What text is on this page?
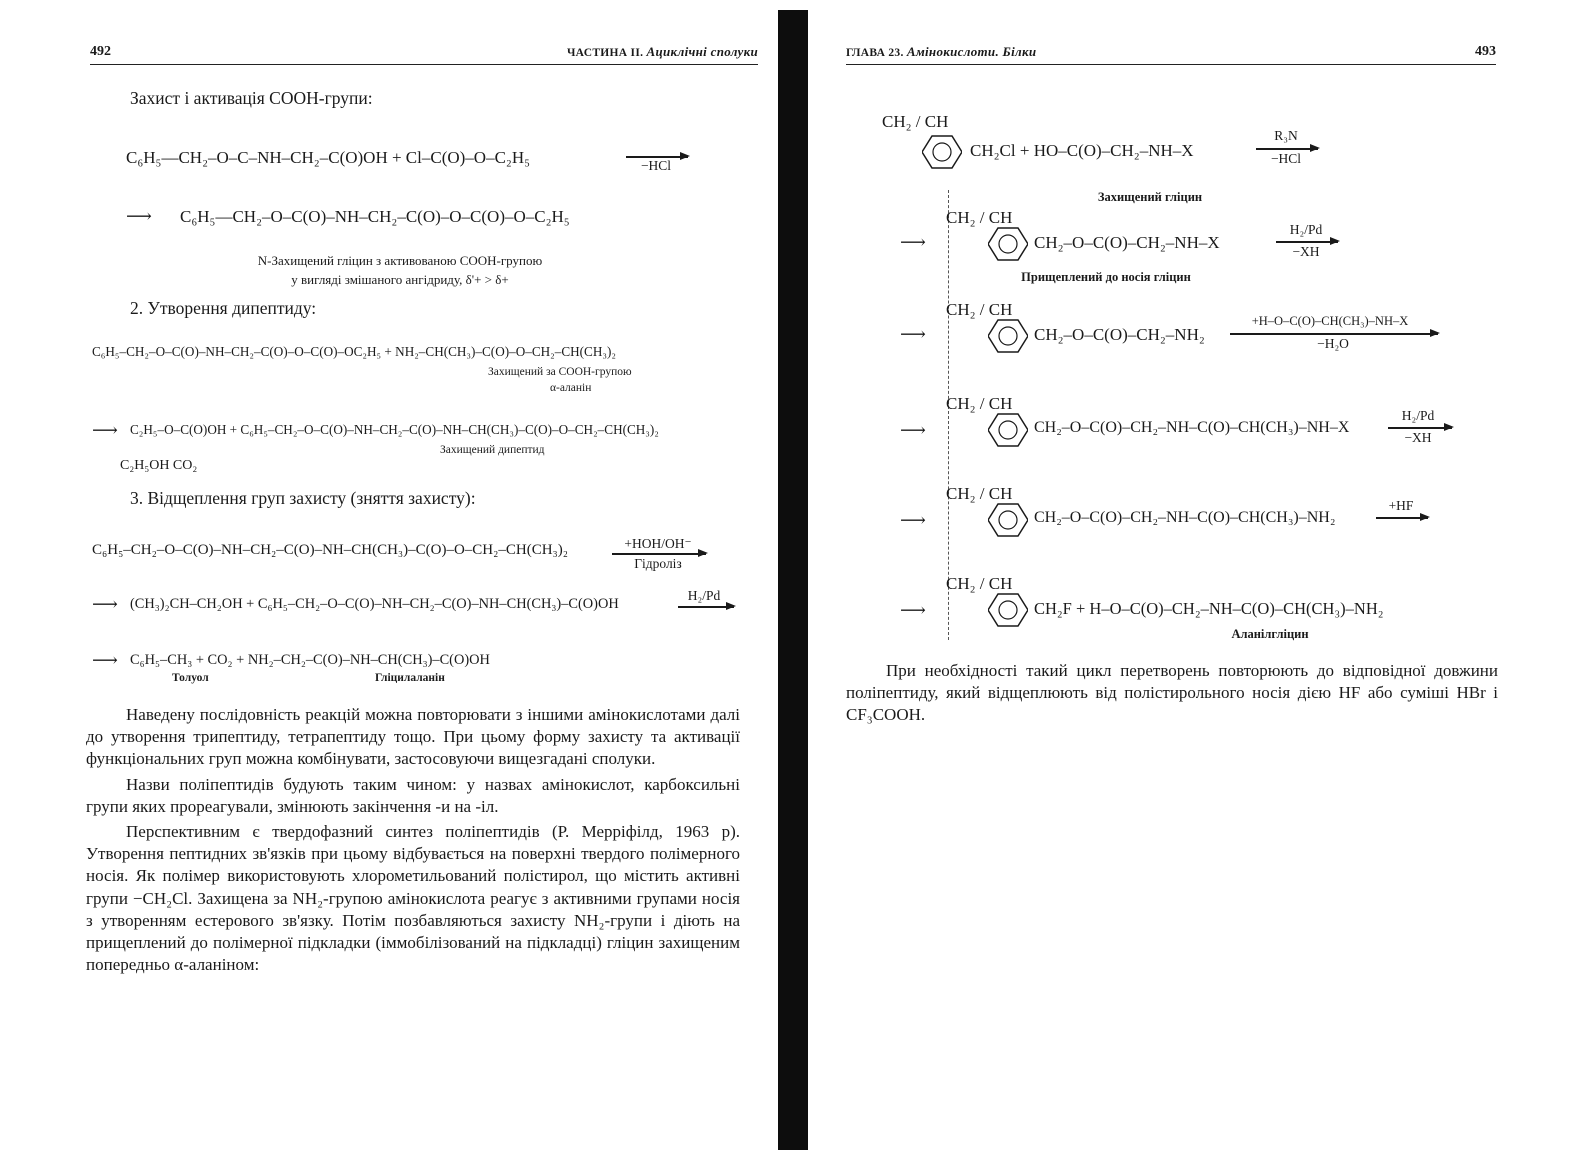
492	ЧАСТИНА II. Ациклічні сполуки
Захист і активація COOH-групи:
C₆H₅—CH₂–O–C–NH–CH₂–C(O)OH + Cl–C(O)–O–C₂H₅	−HCl
⟶ C₆H₅—CH₂–O–C(O)–NH–CH₂–C(O)–O–C(O)–O–C₂H₅
N-Захищений гліцин з активованою COOH-групою
у вигляді змішаного ангідриду, δ'+ > δ+
2. Утворення дипептиду:
C₆H₅–CH₂–O–C(O)–NH–CH₂–C(O)–O–C(O)–OC₂H₅ + NH₂–CH(CH₃)–C(O)–O–CH₂–CH(CH₃)₂
Захищений за COOH-групою
α-аланін
⟶ C₂H₅–O–C(O)OH + C₆H₅–CH₂–O–C(O)–NH–CH₂–C(O)–NH–CH(CH₃)–C(O)–O–CH₂–CH(CH₃)₂
C₂H₅OH CO₂
Захищений дипептид
3. Відщеплення груп захисту (зняття захисту):
C₆H₅–CH₂–O–C(O)–NH–CH₂–C(O)–NH–CH(CH₃)–C(O)–O–CH₂–CH(CH₃)₂	+HOH/OH⁻
Гідроліз
⟶ (CH₃)₂CH–CH₂OH + C₆H₅–CH₂–O–C(O)–NH–CH₂–C(O)–NH–CH(CH₃)–C(O)OH
H₂/Pd
⟶ C₆H₅–CH₃ + CO₂ + NH₂–CH₂–C(O)–NH–CH(CH₃)–C(O)OH
Толуол	Гліцилаланін

Наведену послідовність реакцій можна повторювати з іншими амінокислотами далі до утворення трипептиду, тетрапептиду тощо. При цьому форму захисту та активації функціональних груп можна комбінувати, застосовуючи вищезгадані сполуки.

Назви поліпептидів будують таким чином: у назвах амінокислот, карбоксильні групи яких прореагували, змінюють закінчення -и на -іл.

Перспективним є твердофазний синтез поліпептидів (Р. Мерріфілд, 1963 р). Утворення пептидних зв'язків при цьому відбувається на поверхні твердого полімерного носія. Як полімер використовують хлорометильований полістирол, що містить активні групи −CH₂Cl. Захищена за NH₂-групою амінокислота реагує з активними групами носія з утворенням естерового зв'язку. Потім позбавляються захисту NH₂-групи і діють на прищеплений до полімерної підкладки (іммобілізований на підкладці) гліцин захищеним попередньо α-аланіном:

ГЛАВА 23. Амінокислоти. Білки	493
CH₂ / CH
CH₂Cl + HO–C(O)–CH₂–NH–X
R₃N
−HCl
Захищений гліцин
⟶
CH₂ / CH
CH₂–O–C(O)–CH₂–NH–X
H₂/Pd
−XH
Прищеплений до носія гліцин
⟶
CH₂ / CH
CH₂–O–C(O)–CH₂–NH₂
+H–O–C(O)–CH(CH₃)–NH–X
−H₂O
⟶
CH₂ / CH
CH₂–O–C(O)–CH₂–NH–C(O)–CH(CH₃)–NH–X
H₂/Pd
−XH
⟶
CH₂ / CH
CH₂–O–C(O)–CH₂–NH–C(O)–CH(CH₃)–NH₂
+HF
⟶
CH₂ / CH
CH₂F + H–O–C(O)–CH₂–NH–C(O)–CH(CH₃)–NH₂
Аланілгліцин

При необхідності такий цикл перетворень повторюють до відповідної довжини поліпептиду, який відщеплюють від полістирольного носія дією HF або суміші HBr і CF₃COOH.
